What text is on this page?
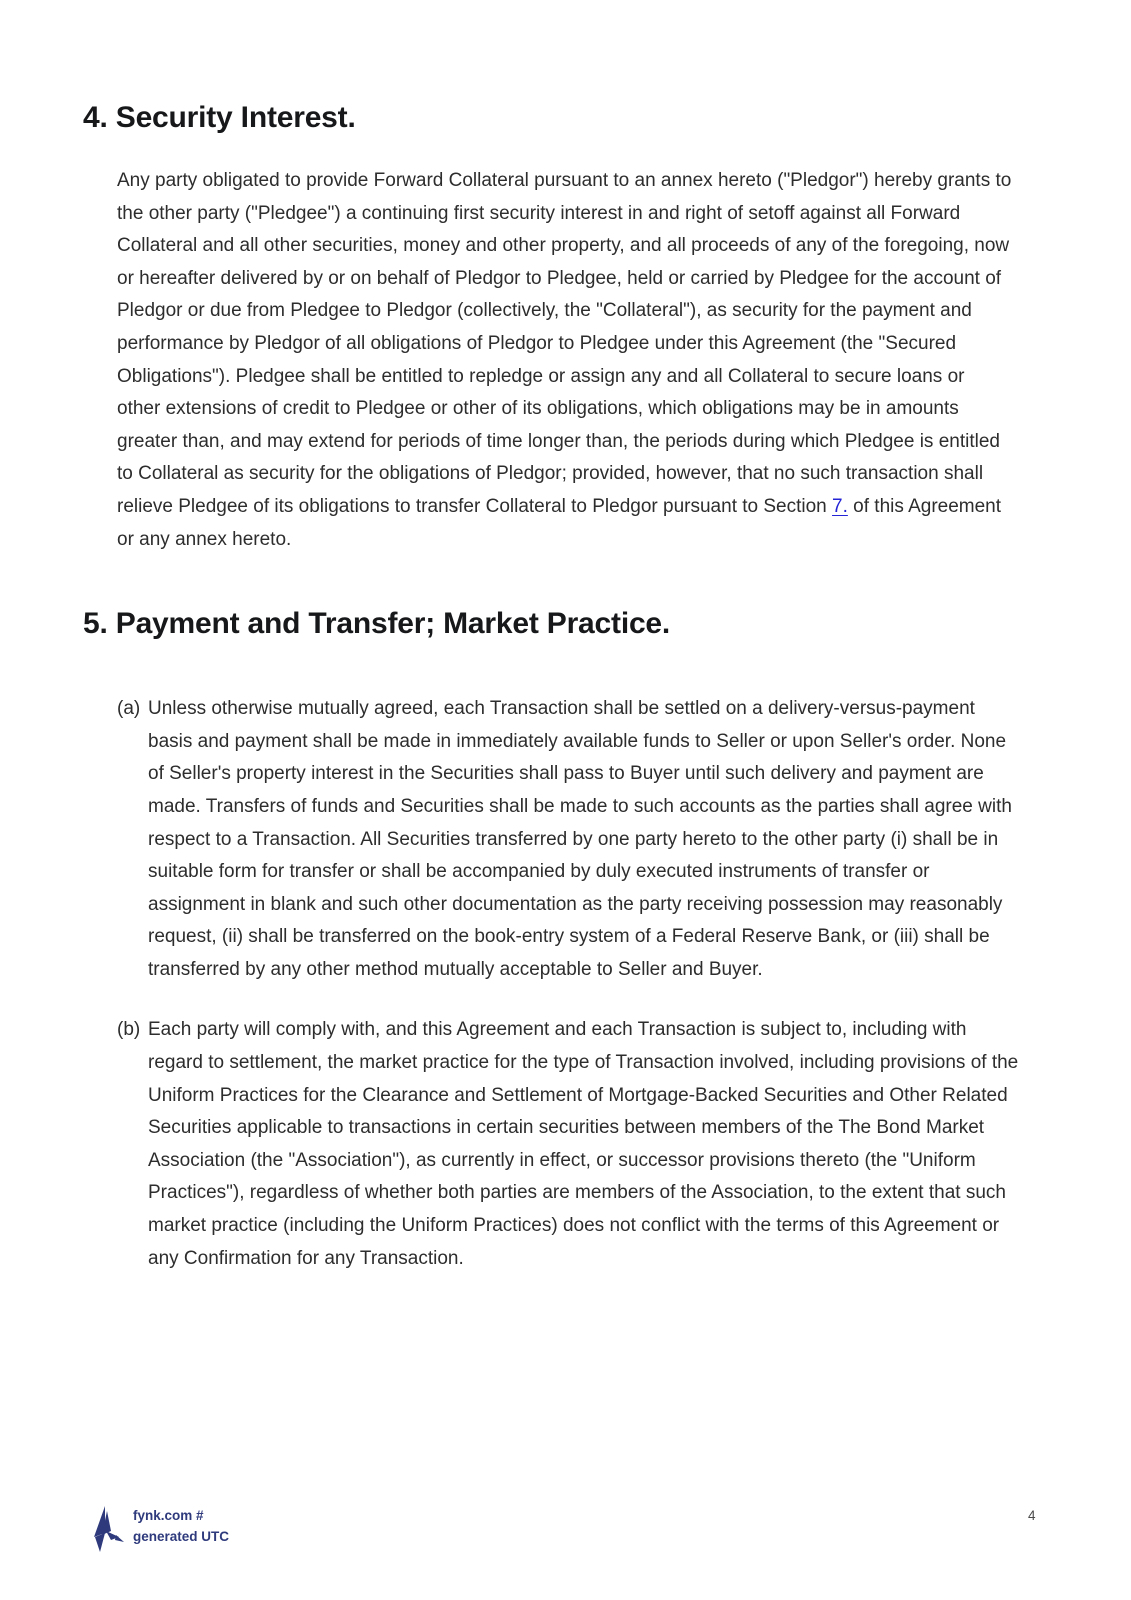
4. Security Interest.

Any party obligated to provide Forward Collateral pursuant to an annex hereto ("Pledgor") hereby grants to the other party ("Pledgee") a continuing first security interest in and right of setoff against all Forward Collateral and all other securities, money and other property, and all proceeds of any of the foregoing, now or hereafter delivered by or on behalf of Pledgor to Pledgee, held or carried by Pledgee for the account of Pledgor or due from Pledgee to Pledgor (collectively, the "Collateral"), as security for the payment and performance by Pledgor of all obligations of Pledgor to Pledgee under this Agreement (the "Secured Obligations"). Pledgee shall be entitled to repledge or assign any and all Collateral to secure loans or other extensions of credit to Pledgee or other of its obligations, which obligations may be in amounts greater than, and may extend for periods of time longer than, the periods during which Pledgee is entitled to Collateral as security for the obligations of Pledgor; provided, however, that no such transaction shall relieve Pledgee of its obligations to transfer Collateral to Pledgor pursuant to Section 7. of this Agreement or any annex hereto.

5. Payment and Transfer; Market Practice.
(a) Unless otherwise mutually agreed, each Transaction shall be settled on a delivery-versus-payment basis and payment shall be made in immediately available funds to Seller or upon Seller's order. None of Seller's property interest in the Securities shall pass to Buyer until such delivery and payment are made. Transfers of funds and Securities shall be made to such accounts as the parties shall agree with respect to a Transaction. All Securities transferred by one party hereto to the other party (i) shall be in suitable form for transfer or shall be accompanied by duly executed instruments of transfer or assignment in blank and such other documentation as the party receiving possession may reasonably request, (ii) shall be transferred on the book-entry system of a Federal Reserve Bank, or (iii) shall be transferred by any other method mutually acceptable to Seller and Buyer.
(b) Each party will comply with, and this Agreement and each Transaction is subject to, including with regard to settlement, the market practice for the type of Transaction involved, including provisions of the Uniform Practices for the Clearance and Settlement of Mortgage-Backed Securities and Other Related Securities applicable to transactions in certain securities between members of the The Bond Market Association (the "Association"), as currently in effect, or successor provisions thereto (the "Uniform Practices"), regardless of whether both parties are members of the Association, to the extent that such market practice (including the Uniform Practices) does not conflict with the terms of this Agreement or any Confirmation for any Transaction.
fynk.com #
generated UTC
4
